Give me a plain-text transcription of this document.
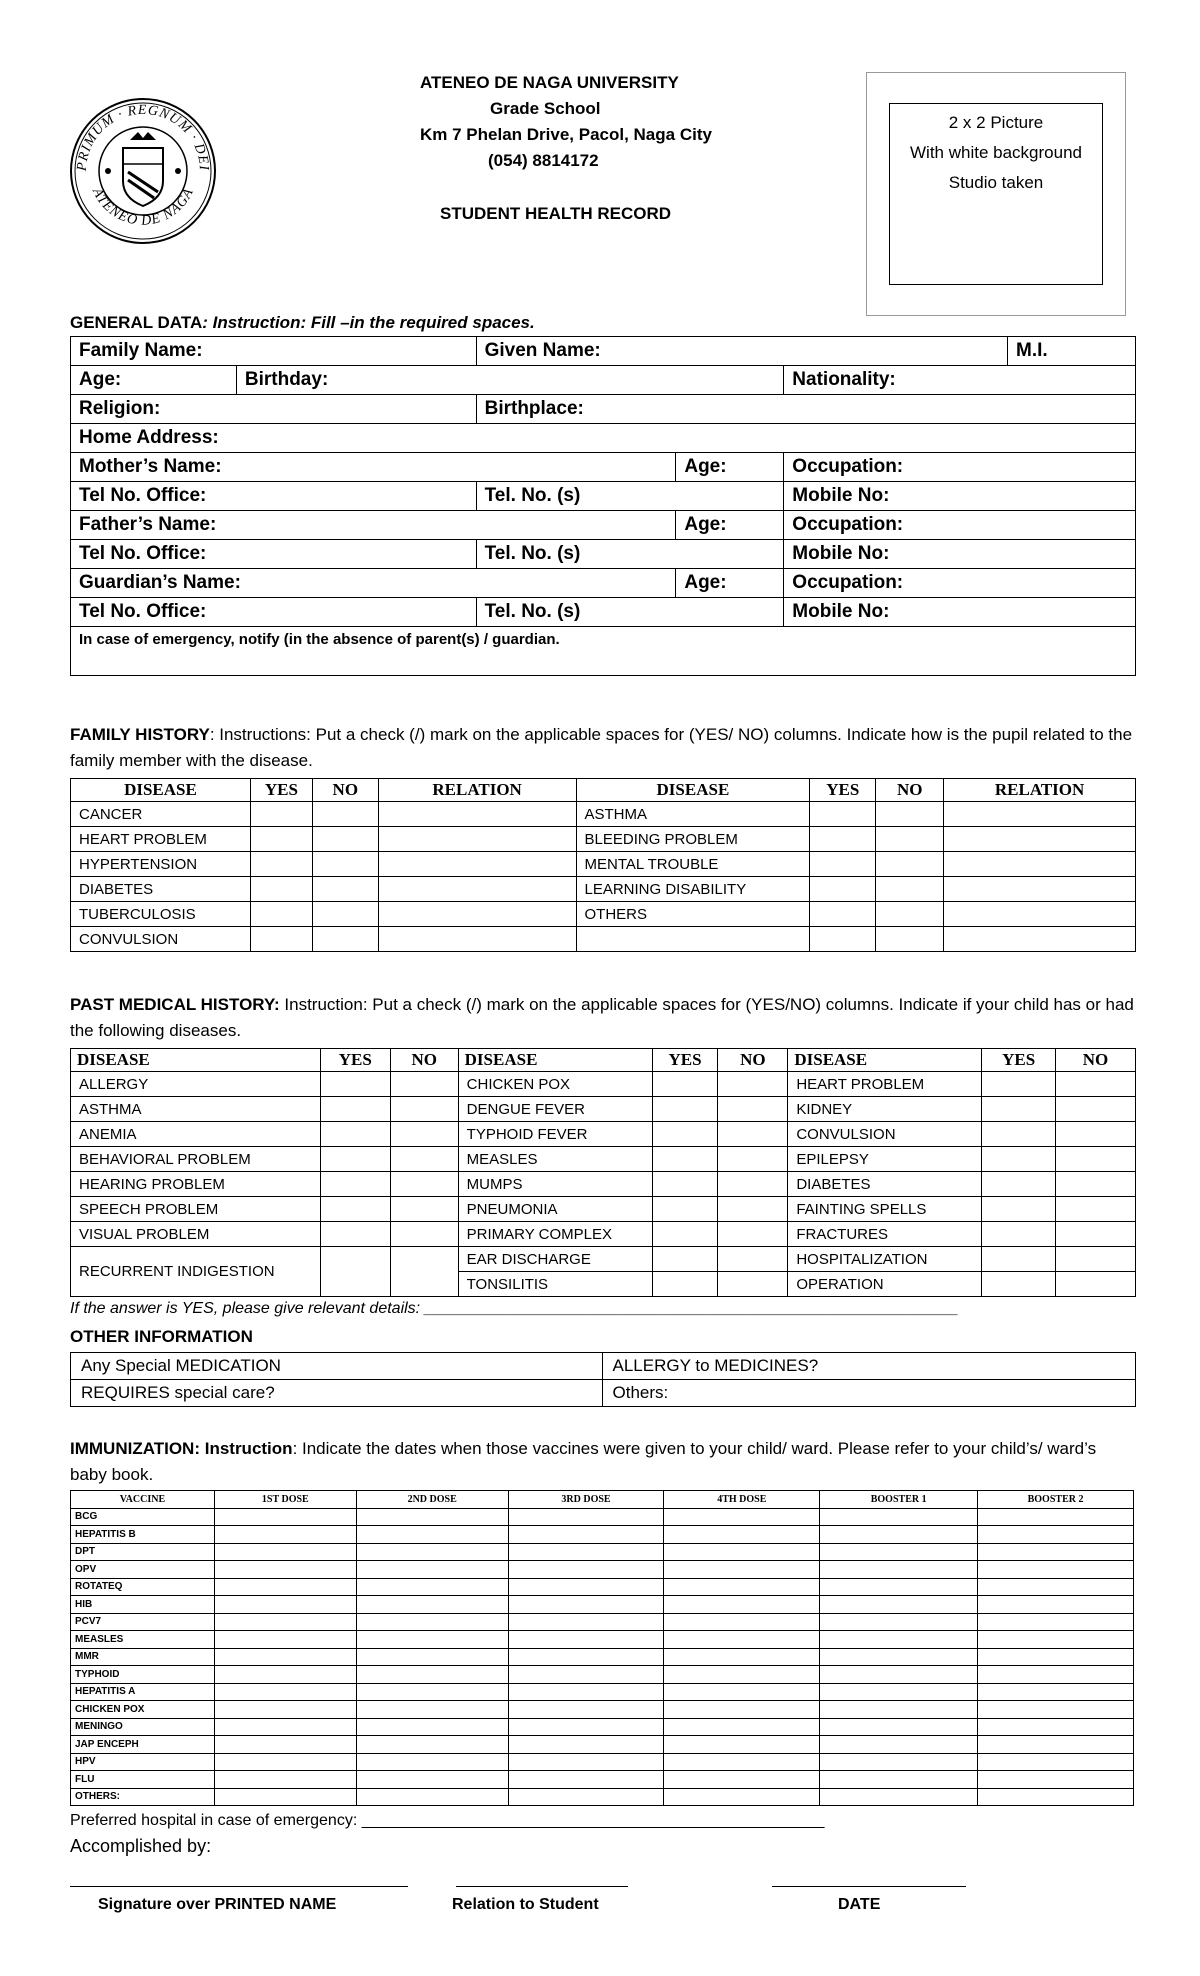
PRIMUM · REGNUM · DEI
ATENEO DE NAGA
ATENEO DE NAGA UNIVERSITY
Grade School
Km 7 Phelan Drive, Pacol, Naga City
(054) 8814172
STUDENT HEALTH RECORD
2 x 2 Picture
With white background
Studio taken
GENERAL DATA: Instruction: Fill –in the required spaces.
Family Name:		Given Name:			M.I.
Age:	Birthday:			Nationality:	
Religion:		Birthplace:			
Home Address:					
Mother’s Name:			Age:	Occupation:	
Tel No. Office:		Tel. No. (s)		Mobile No:	
Father’s Name:			Age:	Occupation:	
Tel No. Office:		Tel. No. (s)		Mobile No:	
Guardian’s Name:			Age:	Occupation:	
Tel No. Office:		Tel. No. (s)		Mobile No:	
In case of emergency, notify (in the absence of parent(s) / guardian.					
FAMILY HISTORY: Instructions: Put a check (/) mark on the applicable spaces for (YES/ NO) columns. Indicate how is the pupil related to the family member with the disease.
DISEASE	YES	NO	RELATION	DISEASE	YES	NO	RELATION
CANCER				ASTHMA			
HEART PROBLEM				BLEEDING PROBLEM			
HYPERTENSION				MENTAL TROUBLE			
DIABETES				LEARNING DISABILITY			
TUBERCULOSIS				OTHERS			
CONVULSION							
PAST MEDICAL HISTORY: Instruction: Put a check (/) mark on the applicable spaces for (YES/NO) columns. Indicate if your child has or had the following diseases.
DISEASE	YES	NO	DISEASE	YES	NO	DISEASE	YES	NO
ALLERGY			CHICKEN POX			HEART PROBLEM		
ASTHMA			DENGUE FEVER			KIDNEY		
ANEMIA			TYPHOID FEVER			CONVULSION		
BEHAVIORAL PROBLEM			MEASLES			EPILEPSY		
HEARING PROBLEM			MUMPS			DIABETES		
SPEECH PROBLEM			PNEUMONIA			FAINTING SPELLS		
VISUAL PROBLEM			PRIMARY COMPLEX			FRACTURES		
RECURRENT INDIGESTION			EAR DISCHARGE			HOSPITALIZATION		
			TONSILITIS			OPERATION		
If the answer is YES, please give relevant details: ____________________________________________________________
OTHER INFORMATION
Any Special MEDICATION	ALLERGY to MEDICINES?
REQUIRES special care?	Others:
IMMUNIZATION: Instruction: Indicate the dates when those vaccines were given to your child/ ward. Please refer to your child’s/ ward’s baby book.
VACCINE	1ST DOSE	2ND DOSE	3RD DOSE	4TH DOSE	BOOSTER 1	BOOSTER 2
BCG						
HEPATITIS B						
DPT						
OPV						
ROTATEQ						
HIB						
PCV7						
MEASLES						
MMR						
TYPHOID						
HEPATITIS A						
CHICKEN POX						
MENINGO						
JAP ENCEPH						
HPV						
FLU						
OTHERS:						
Preferred hospital in case of emergency: ____________________________________________________
Accomplished by:
Signature over PRINTED NAME	Relation to Student	DATE
